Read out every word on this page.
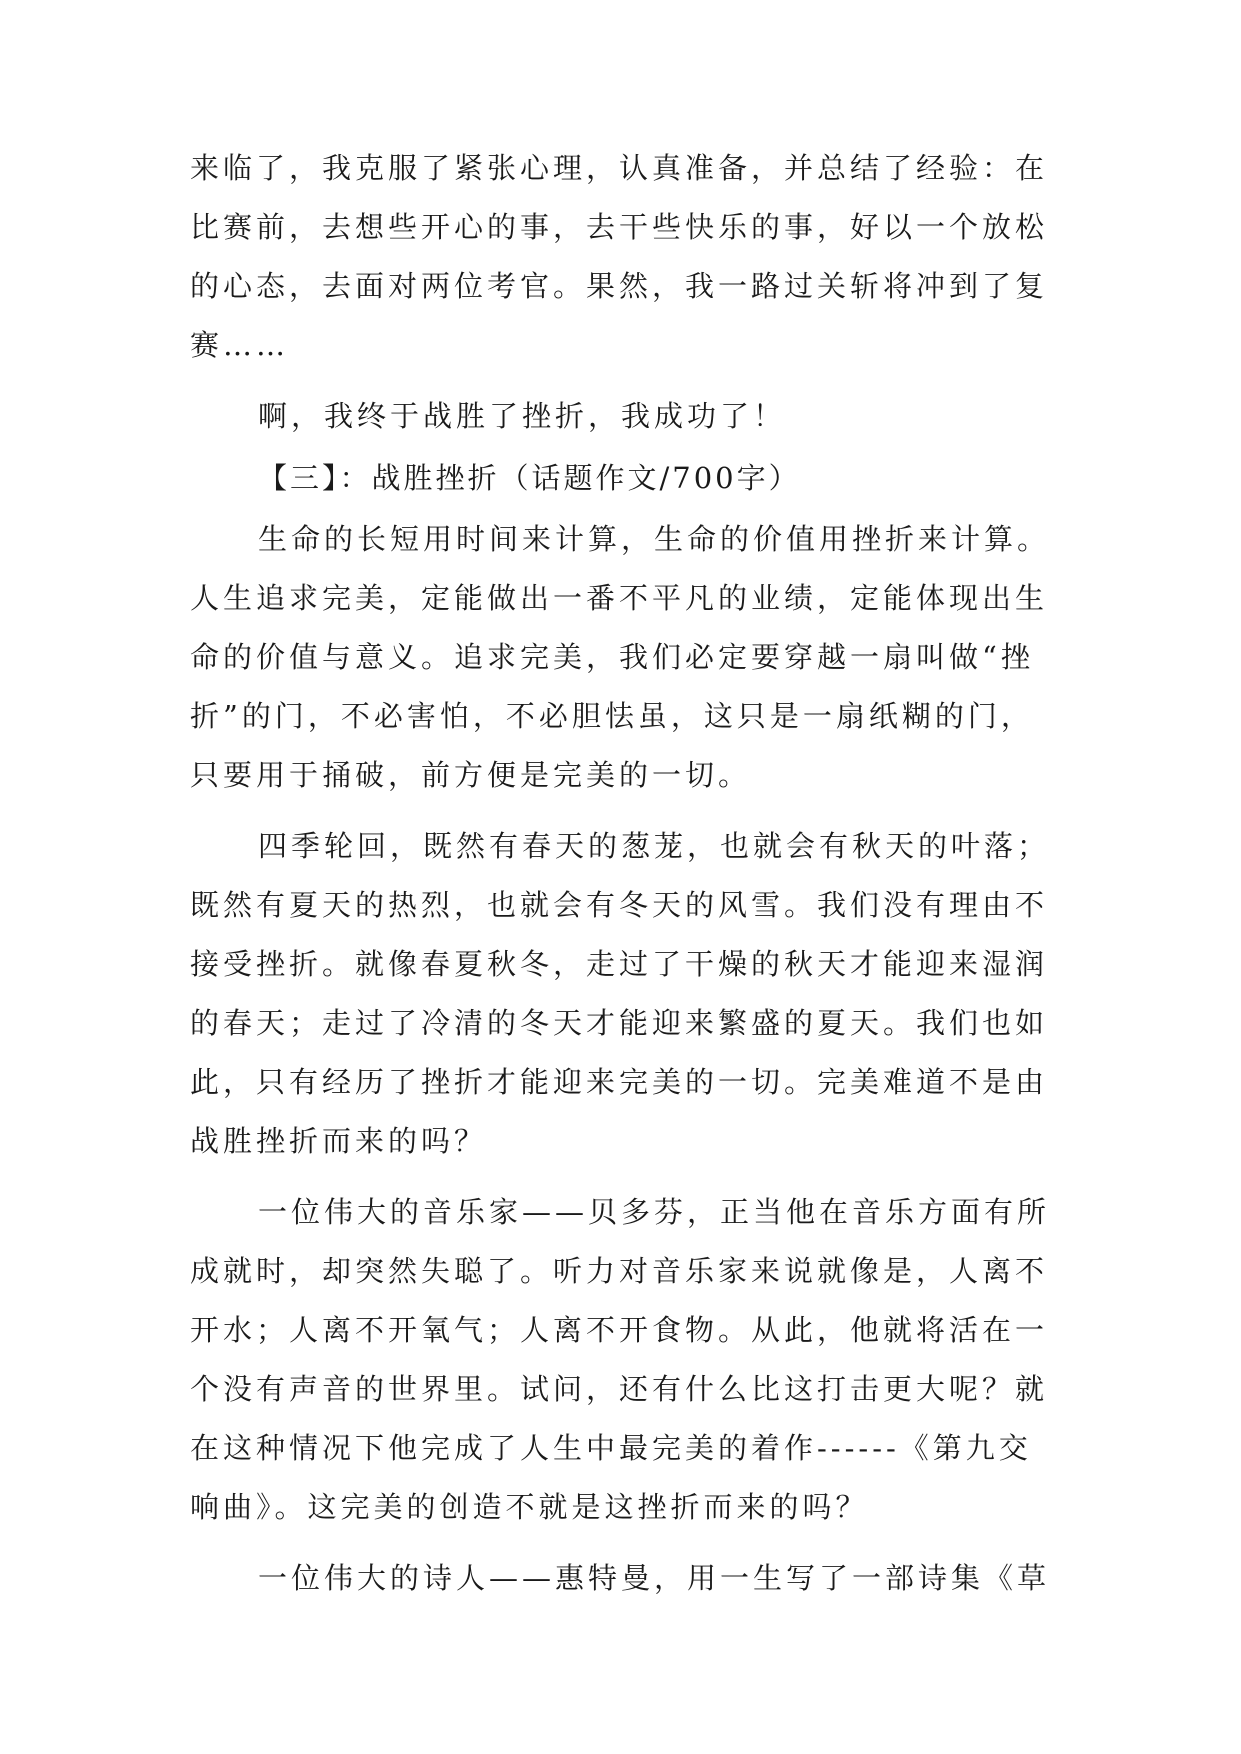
来临了，我克服了紧张心理，认真准备，并总结了经验：在
比赛前，去想些开心的事，去干些快乐的事，好以一个放松
的心态，去面对两位考官。果然，我一路过关斩将冲到了复
赛……
啊，我终于战胜了挫折，我成功了！
【三】：战胜挫折（话题作文/700字）
生命的长短用时间来计算，生命的价值用挫折来计算。
人生追求完美，定能做出一番不平凡的业绩，定能体现出生
命的价值与意义。追求完美，我们必定要穿越一扇叫做“挫
折”的门，不必害怕，不必胆怯虽，这只是一扇纸糊的门，
只要用于捅破，前方便是完美的一切。
四季轮回，既然有春天的葱茏，也就会有秋天的叶落；
既然有夏天的热烈，也就会有冬天的风雪。我们没有理由不
接受挫折。就像春夏秋冬，走过了干燥的秋天才能迎来湿润
的春天；走过了冷清的冬天才能迎来繁盛的夏天。我们也如
此，只有经历了挫折才能迎来完美的一切。完美难道不是由
战胜挫折而来的吗？
一位伟大的音乐家——贝多芬，正当他在音乐方面有所
成就时，却突然失聪了。听力对音乐家来说就像是，人离不
开水；人离不开氧气；人离不开食物。从此，他就将活在一
个没有声音的世界里。试问，还有什么比这打击更大呢？就
在这种情况下他完成了人生中最完美的着作------《第九交
响曲》。这完美的创造不就是这挫折而来的吗？
一位伟大的诗人——惠特曼，用一生写了一部诗集《草
